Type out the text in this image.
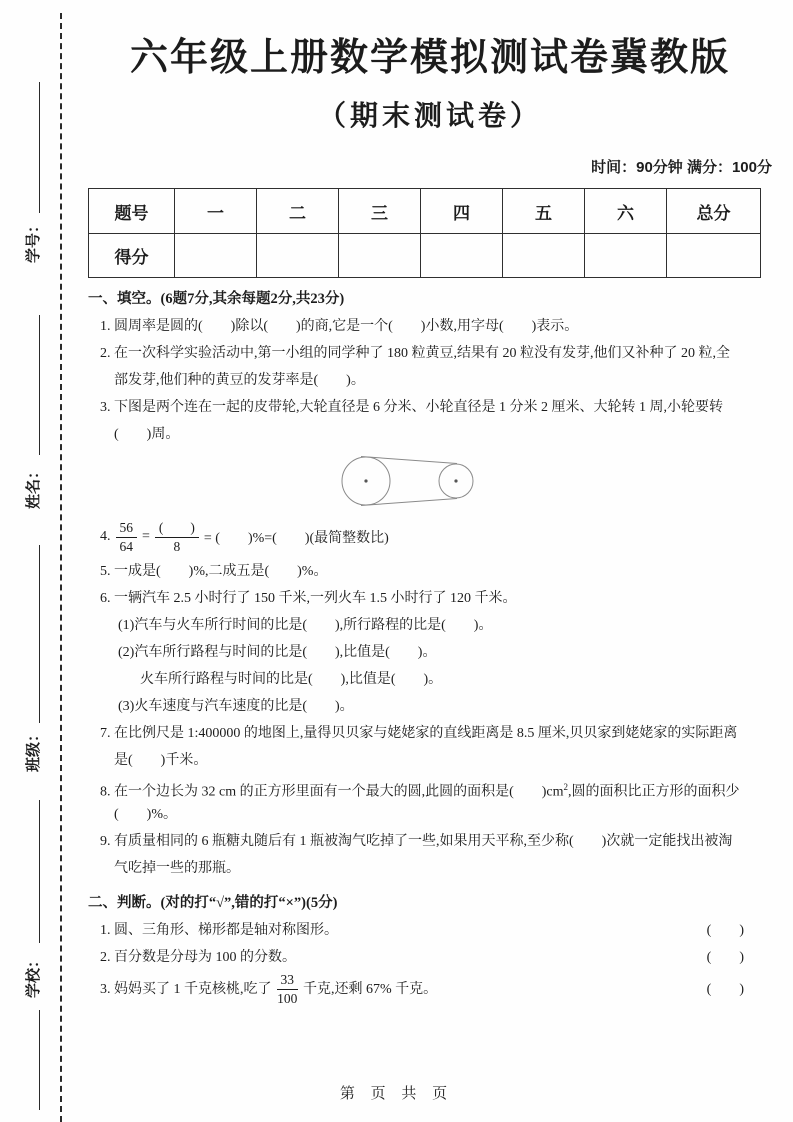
学号：
姓名：
班级：
学校：
六年级上册数学模拟测试卷冀教版
（期末测试卷）
时间：90分钟 满分：100分
题号	一	二	三	四	五	六	总分
得分							
一、填空。(6题7分,其余每题2分,共23分)
1. 圆周率是圆的(　　)除以(　　)的商,它是一个(　　)小数,用字母(　　)表示。
2. 在一次科学实验活动中,第一小组的同学种了 180 粒黄豆,结果有 20 粒没有发芽,他们又补种了 20 粒,全
部发芽,他们种的黄豆的发芽率是(　　)。
3. 下图是两个连在一起的皮带轮,大轮直径是 6 分米、小轮直径是 1 分米 2 厘米、大轮转 1 周,小轮要转
(　　)周。
4. $\frac{56}{64} = \frac{( )}{8}$ = (　　)%=(　　)(最简整数比)
5. 一成是(　　)%,二成五是(　　)%。
6. 一辆汽车 2.5 小时行了 150 千米,一列火车 1.5 小时行了 120 千米。
(1)汽车与火车所行时间的比是(　　),所行路程的比是(　　)。
(2)汽车所行路程与时间的比是(　　),比值是(　　)。
火车所行路程与时间的比是(　　),比值是(　　)。
(3)火车速度与汽车速度的比是(　　)。
7. 在比例尺是 1:400000 的地图上,量得贝贝家与姥姥家的直线距离是 8.5 厘米,贝贝家到姥姥家的实际距离
是(　　)千米。
8. 在一个边长为 32 cm 的正方形里面有一个最大的圆,此圆的面积是(　　)$cm^2$,圆的面积比正方形的面积少
(　　)%。
9. 有质量相同的 6 瓶糖丸随后有 1 瓶被淘气吃掉了一些,如果用天平称,至少称(　　)次就一定能找出被淘
气吃掉一些的那瓶。
二、判断。(对的打“√”,错的打“×”)(5分)
1. 圆、三角形、梯形都是轴对称图形。	(　　)
2. 百分数是分母为 100 的分数。	(　　)
3. 妈妈买了 1 千克核桃,吃了 $\frac{33}{100}$ 千克,还剩 67% 千克。	(　　)
第 页 共 页
